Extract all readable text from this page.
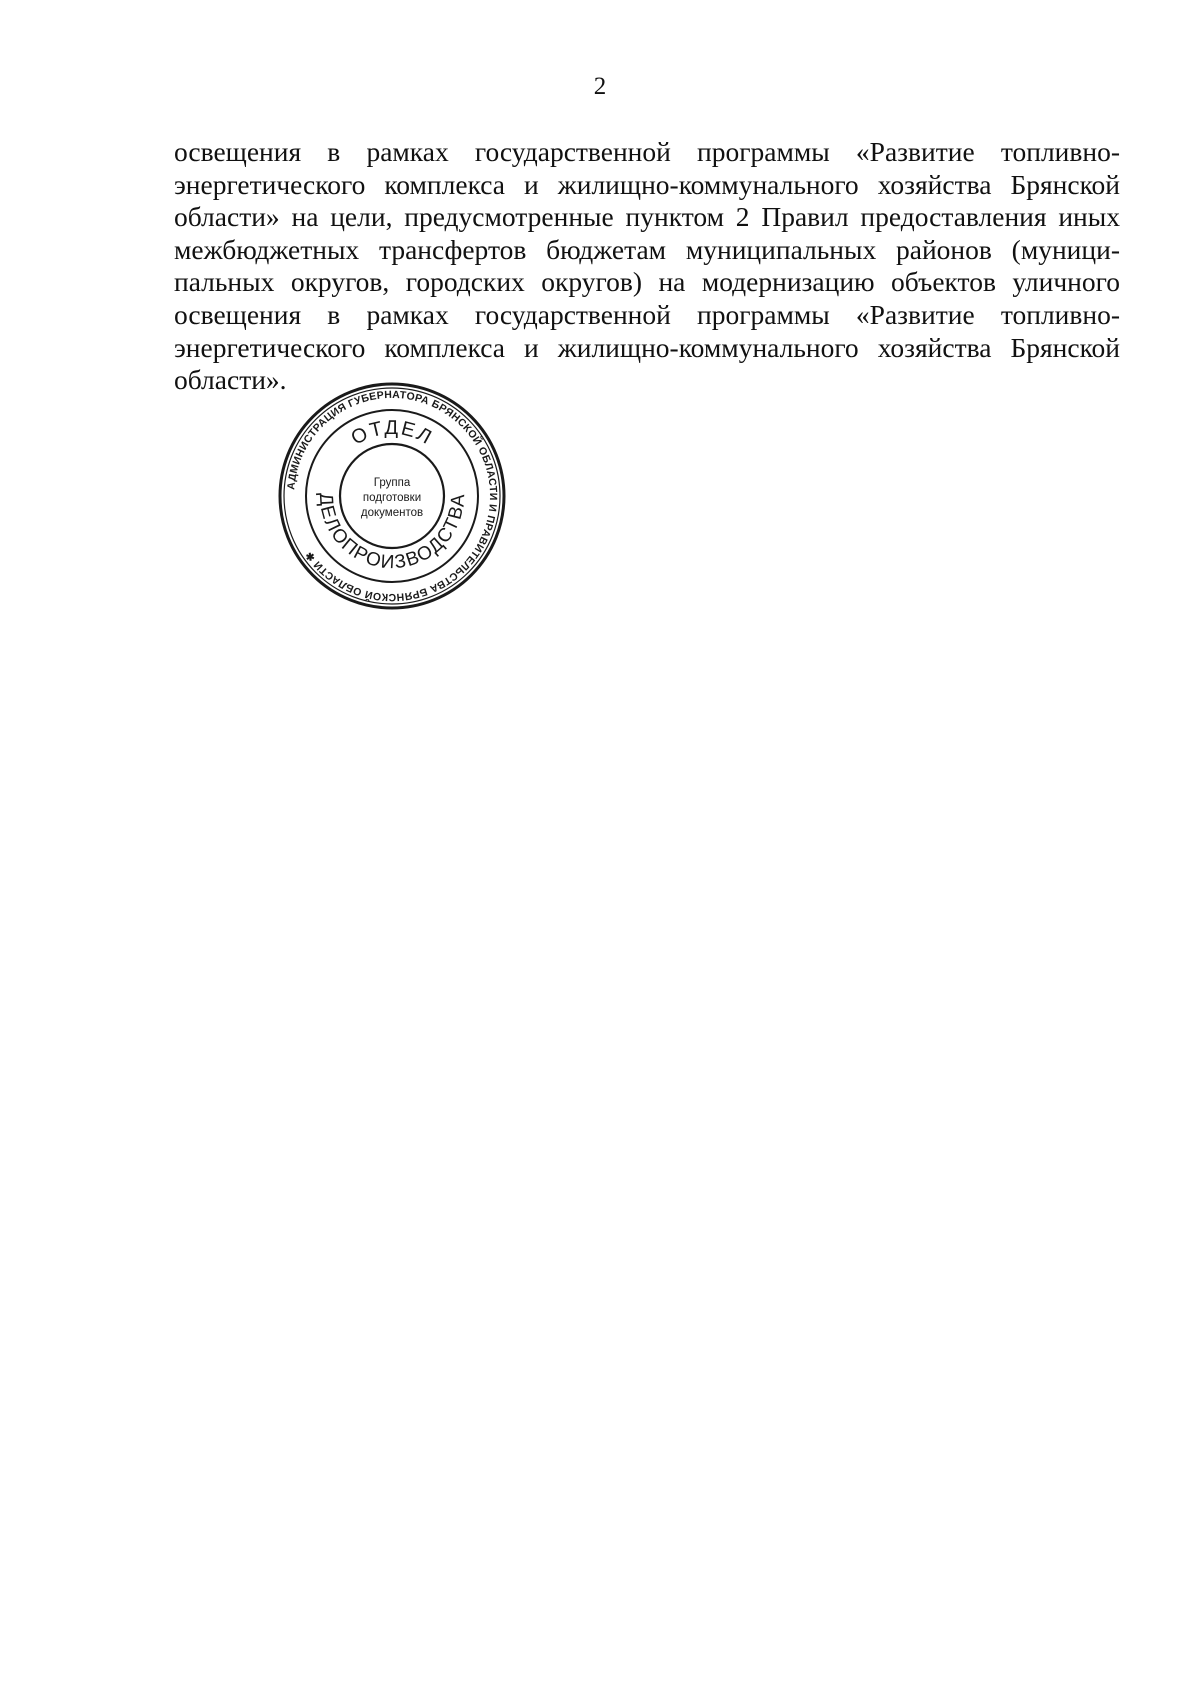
2
освещения в рамках государственной программы «Развитие топливно-
энергетического комплекса и жилищно-коммунального хозяйства Брянской
области» на цели, предусмотренные пунктом 2 Правил предоставления иных
межбюджетных трансфертов бюджетам муниципальных районов (муници-
пальных округов, городских округов) на модернизацию объектов уличного
освещения в рамках государственной программы «Развитие топливно-
энергетического комплекса и жилищно-коммунального хозяйства Брянской
области».
АДМИНИСТРАЦИЯ ГУБЕРНАТОРА БРЯНСКОЙ ОБЛАСТИ И ПРАВИТЕЛЬСТВА БРЯНСКОЙ ОБЛАСТИ ✱
ОТДЕЛ
ДЕЛОПРОИЗВОДСТВА
Группа
подготовки
документов
